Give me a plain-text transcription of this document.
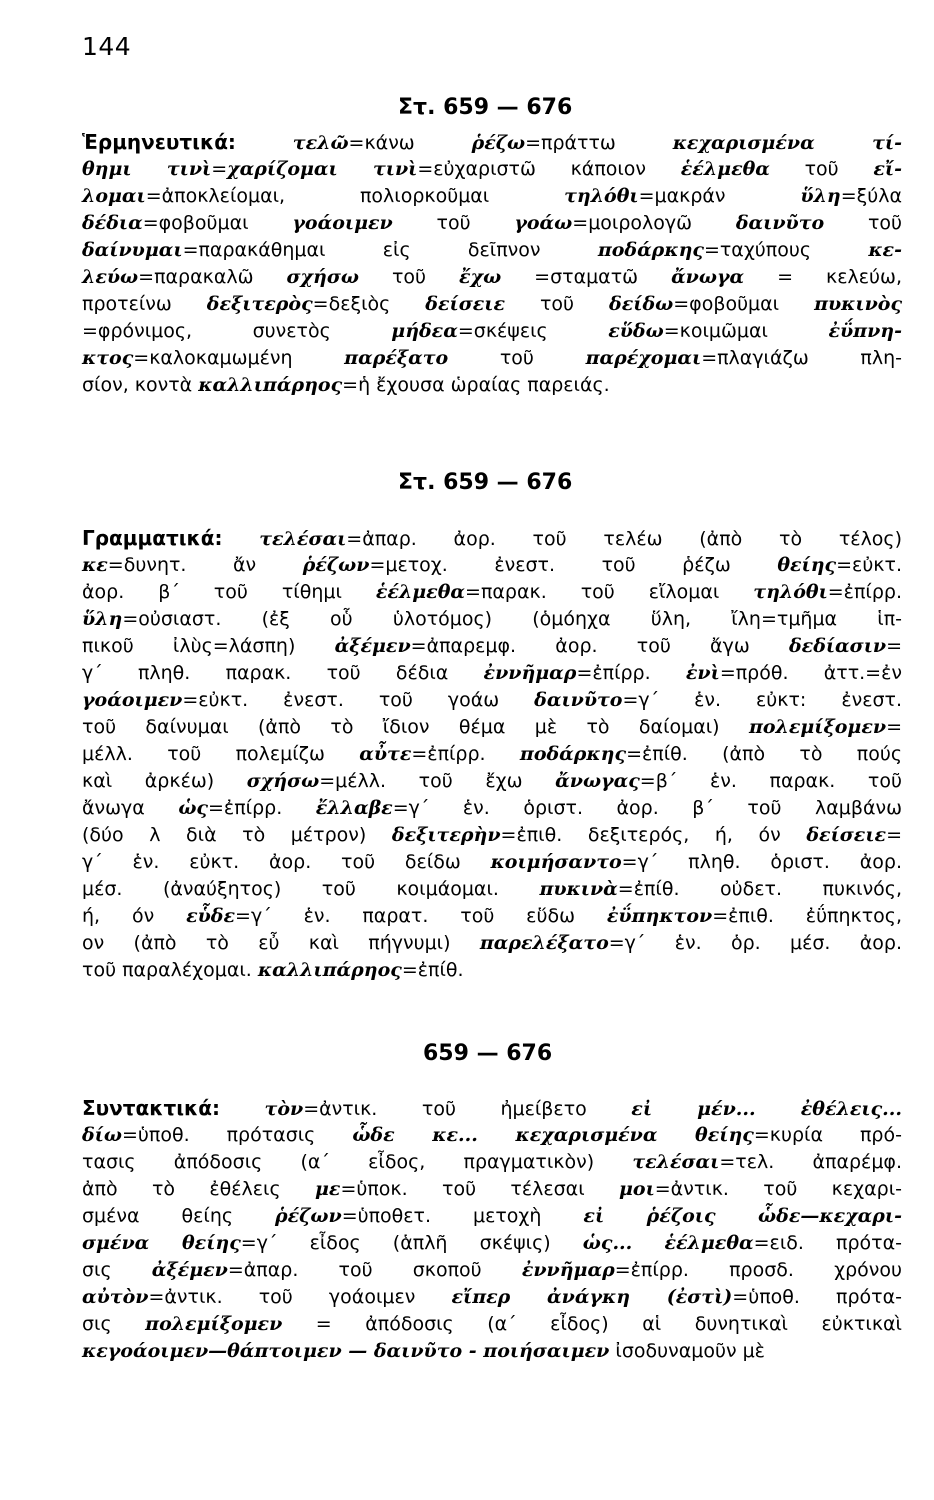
144
Στ. 659 — 676
Ἑρμηνευτικά:	τελῶ=κάνω ῥέζω=πράττω κεχαρισμένα τί-
θημι τινὶ=χαρίζομαι τινὶ=εὐχαριστῶ κάποιον ἑέλμεθα τοῦ εἴ-
λομαι=ἀποκλείομαι, πολιορκοῦμαι τηλόθι=μακράν ὕλη=ξύλα
δέδια=φοβοῦμαι γοάοιμεν τοῦ γοάω=μοιρολογῶ δαινῦτο τοῦ
δαίνυμαι=παρακάθημαι εἰς δεῖπνον ποδάρκης=ταχύπους κε-
λεύω=παρακαλῶ σχήσω τοῦ ἔχω =σταματῶ ἄνωγα = κελεύω,
προτείνω δεξιτερὸς=δεξιὸς δείσειε τοῦ δείδω=φοβοῦμαι πυκινὸς
=φρόνιμος, συνετὸς μήδεα=σκέψεις εὕδω=κοιμῶμαι ἐΰπνη-
κτος=καλοκαμωμένη παρέξατο τοῦ παρέχομαι=πλαγιάζω πλη-
σίον, κοντὰ καλλιπάρηος=ἡ ἔχουσα ὡραίας παρειάς.
Στ. 659 — 676
Γραμματικά: τελέσαι=ἀπαρ. ἀορ. τοῦ τελέω (ἀπὸ τὸ τέλος)
κε=δυνητ. ἄν ῥέζων=μετοχ. ἐνεστ. τοῦ ῥέζω θείης=εὐκτ.
ἀορ. β΄ τοῦ τίθημι ἑέλμεθα=παρακ. τοῦ εἴλομαι τηλόθι=ἐπίρρ.
ὕλη=οὐσιαστ. (ἐξ οὗ ὑλοτόμος) (ὁμόηχα ὕλη, ἴλη=τμῆμα ἱπ-
πικοῦ ἰλὺς=λάσπη) ἀξέμεν=ἀπαρεμφ. ἀορ. τοῦ ἄγω δεδίασιν=
γ΄ πληθ. παρακ. τοῦ δέδια ἐννῆμαρ=ἐπίρρ. ἐνὶ=πρόθ. ἀττ.=ἐν
γοάοιμεν=εὐκτ. ἐνεστ. τοῦ γοάω δαινῦτο=γ΄ ἑν. εὐκτ: ἐνεστ.
τοῦ δαίνυμαι (ἀπὸ τὸ ἴδιον θέμα μὲ τὸ δαίομαι) πολεμίξομεν=
μέλλ. τοῦ πολεμίζω αὖτε=ἐπίρρ. ποδάρκης=ἐπίθ. (ἀπὸ τὸ πούς
καὶ ἀρκέω) σχήσω=μέλλ. τοῦ ἔχω ἄνωγας=β΄ ἑν. παρακ. τοῦ
ἄνωγα ὡς=ἐπίρρ. ἔλλαβε=γ΄ ἑν. ὁριστ. ἀορ. β΄ τοῦ λαμβάνω
(δύο λ διὰ τὸ μέτρον) δεξιτερὴν=ἐπιθ. δεξιτερός, ή, όν δείσειε=
γ΄ ἑν. εὐκτ. ἀορ. τοῦ δείδω κοιμήσαντο=γ΄ πληθ. ὁριστ. ἀορ.
μέσ. (ἀναύξητος) τοῦ κοιμάομαι. πυκινὰ=ἐπίθ. οὐδετ. πυκινός,
ή, όν εὗδε=γ΄ ἑν. παρατ. τοῦ εὕδω ἐΰπηκτον=ἐπιθ. ἐΰπηκτος,
ον (ἀπὸ τὸ εὖ καὶ πήγνυμι) παρελέξατο=γ΄ ἑν. ὁρ. μέσ. ἀορ.
τοῦ παραλέχομαι. καλλιπάρηος=ἐπίθ.
659 — 676
Συντακτικά: τὸν=ἀντικ. τοῦ ἠμείβετο εἰ μέν... ἐθέλεις...
δίω=ὑποθ. πρότασις ὧδε κε... κεχαρισμένα θείης=κυρία πρό-
τασις ἀπόδοσις (α΄ εἶδος, πραγματικὸν) τελέσαι=τελ. ἀπαρέμφ.
ἀπὸ τὸ ἐθέλεις με=ὑποκ. τοῦ τέλεσαι μοι=ἀντικ. τοῦ κεχαρι-
σμένα θείης ῥέζων=ὑποθετ. μετοχὴ εἰ ῥέζοις ὧδε—κεχαρι-
σμένα θείης=γ΄ εἶδος (ἁπλῆ σκέψις) ὡς... ἑέλμεθα=ειδ. πρότα-
σις ἀξέμεν=ἀπαρ. τοῦ σκοποῦ ἐννῆμαρ=ἐπίρρ. προσδ. χρόνου
αὐτὸν=ἀντικ. τοῦ γοάοιμεν εἴπερ ἀνάγκη (ἐστὶ)=ὑποθ. πρότα-
σις πολεμίξομεν = ἀπόδοσις (α΄ εἶδος) αἱ δυνητικαὶ εὐκτικαὶ
κεγοάοιμεν—θάπτοιμεν — δαινῦτο - ποιήσαιμεν ἰσοδυναμοῦν μὲ
